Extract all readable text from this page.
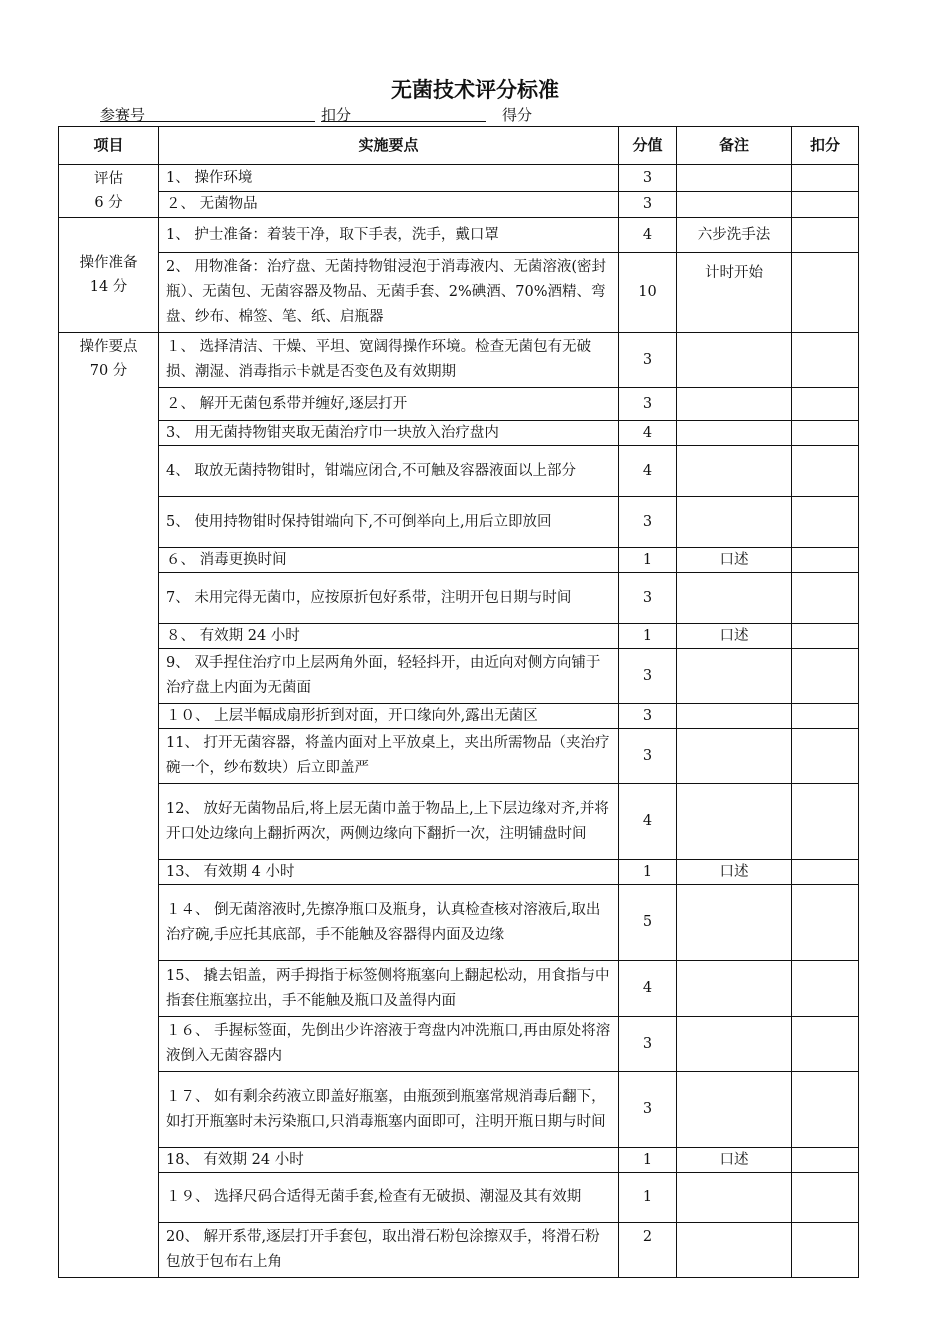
无菌技术评分标准
参赛号	扣分	得分
项目	实施要点	分值	备注	扣分

评估
6 分	1、 操作环境	3		
	２、 无菌物品	3		

操作准备
14 分	1、 护士准备：着装干净，取下手表，洗手，戴口罩	4	六步洗手法	
	2、 用物准备：治疗盘、无菌持物钳浸泡于消毒液内、无菌溶液(密封瓶）、无菌包、无菌容器及物品、无菌手套、2%碘酒、70%酒精、弯盘、纱布、棉签、笔、纸、启瓶器	10	计时开始	

操作要点
70 分	１、 选择清洁、干燥、平坦、宽阔得操作环境。检查无菌包有无破损、潮湿、消毒指示卡就是否变色及有效期期	3		
	２、 解开无菌包系带并缠好,逐层打开	3		
	3、 用无菌持物钳夹取无菌治疗巾一块放入治疗盘内	4		
	4、 取放无菌持物钳时，钳端应闭合,不可触及容器液面以上部分	4		
	5、 使用持物钳时保持钳端向下,不可倒举向上,用后立即放回	3		
	６、 消毒更换时间	1	口述	
	7、 未用完得无菌巾，应按原折包好系带，注明开包日期与时间	3		
	８、 有效期 24 小时	1	口述	
	9、 双手捏住治疗巾上层两角外面，轻轻抖开，由近向对侧方向铺于治疗盘上内面为无菌面	3		
	１０、 上层半幅成扇形折到对面，开口缘向外,露出无菌区	3		
	11、 打开无菌容器，将盖内面对上平放桌上，夹出所需物品（夹治疗碗一个，纱布数块）后立即盖严	3		
	12、 放好无菌物品后,将上层无菌巾盖于物品上,上下层边缘对齐,并将开口处边缘向上翻折两次，两侧边缘向下翻折一次，注明铺盘时间	4		
	13、 有效期 4 小时	1	口述	
	１４、 倒无菌溶液时,先擦净瓶口及瓶身，认真检查核对溶液后,取出治疗碗,手应托其底部，手不能触及容器得内面及边缘	5		
	15、 撬去铝盖，两手拇指于标签侧将瓶塞向上翻起松动，用食指与中指套住瓶塞拉出，手不能触及瓶口及盖得内面	4		
	１６、 手握标签面，先倒出少许溶液于弯盘内冲洗瓶口,再由原处将溶液倒入无菌容器内	3		
	１７、 如有剩余药液立即盖好瓶塞，由瓶颈到瓶塞常规消毒后翻下， 如打开瓶塞时未污染瓶口,只消毒瓶塞内面即可，注明开瓶日期与时间	3		
	18、 有效期 24 小时	1	口述	
	１９、 选择尺码合适得无菌手套,检查有无破损、潮湿及其有效期	1		
	20、 解开系带,逐层打开手套包，取出滑石粉包涂擦双手，将滑石粉包放于包布右上角	2		
